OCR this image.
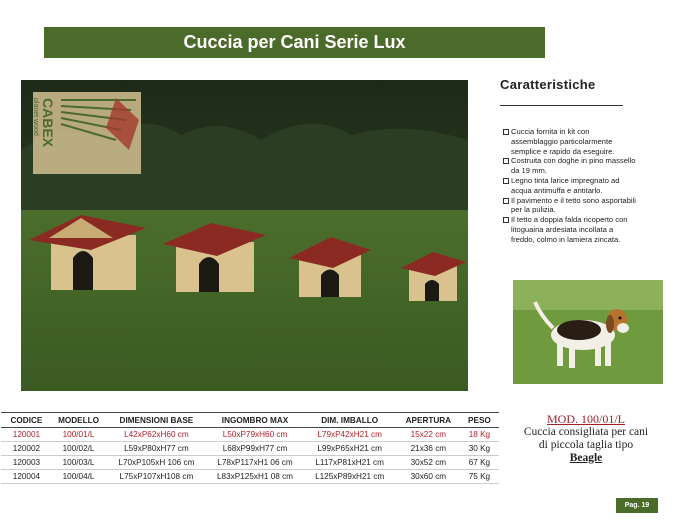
Cuccia per Cani Serie Lux
CABEX
planet wood
Caratteristiche
Cuccia fornita in kit con assemblaggio particolarmente semplice e rapido da eseguire.
Costruita con doghe in pino massello da 19 mm.
Legno tinta larice impregnato ad acqua antimuffa e antitarlo.
Il pavimento e il tetto sono asportabili per la pulizia.
Il tetto a doppia falda ricoperto con litoguaina ardesiata incollata a freddo, colmo in lamiera zincata.
CODICE	MODELLO	DIMENSIONI BASE	INGOMBRO MAX	DIM. IMBALLO	APERTURA	PESO
120001	100/01/L	L42xP62xH60 cm	L50xP79xH60 cm	L79xP42xH21 cm	15x22 cm	18 Kg
120002	100/02/L	L59xP80xH77 cm	L68xP99xH77 cm	L99xP65xH21 cm	21x36 cm	30 Kg
120003	100/03/L	L70xP105xH 106 cm	L78xP117xH1 06 cm	L117xP81xH21 cm	30x52 cm	67 Kg
120004	100/04/L	L75xP107xH108 cm	L83xP125xH1 08 cm	L125xP89xH21 cm	30x60 cm	75 Kg
MOD. 100/01/L
Cuccia consigliata per cani
di piccola taglia tipo
Beagle
Pag. 19
